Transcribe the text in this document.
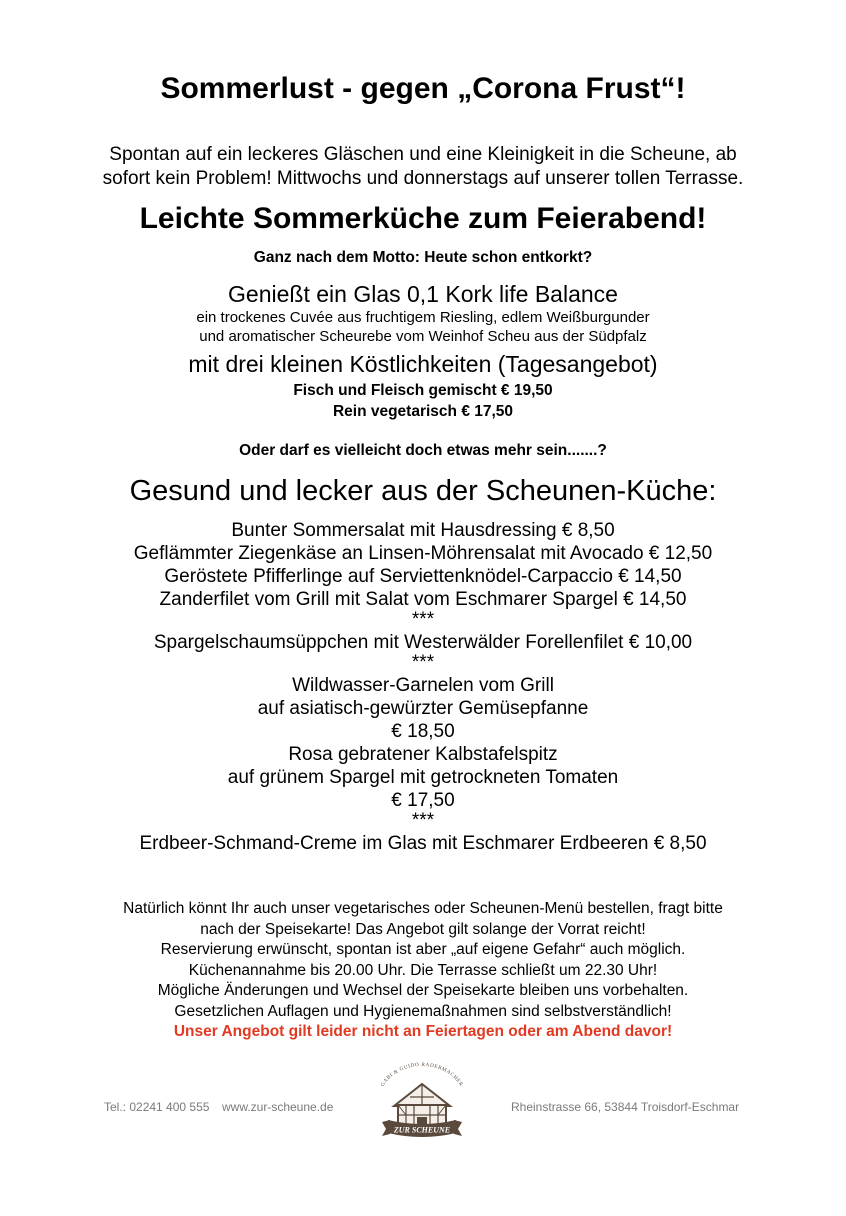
Sommerlust - gegen „Corona Frust“!
Spontan auf ein leckeres Gläschen und eine Kleinigkeit in die Scheune, ab
sofort kein Problem! Mittwochs und donnerstags auf unserer tollen Terrasse.
Leichte Sommerküche zum Feierabend!
Ganz nach dem Motto: Heute schon entkorkt?
Genießt ein Glas 0,1 Kork life Balance
ein trockenes Cuvée aus fruchtigem Riesling, edlem Weißburgunder
und aromatischer Scheurebe vom Weinhof Scheu aus der Südpfalz
mit drei kleinen Köstlichkeiten (Tagesangebot)
Fisch und Fleisch gemischt € 19,50
Rein vegetarisch € 17,50
Oder darf es vielleicht doch etwas mehr sein.......?
Gesund und lecker aus der Scheunen-Küche:
Bunter Sommersalat mit Hausdressing € 8,50
Geflämmter Ziegenkäse an Linsen-Möhrensalat mit Avocado € 12,50
Geröstete Pfifferlinge auf Serviettenknödel-Carpaccio € 14,50
Zanderfilet vom Grill mit Salat vom Eschmarer Spargel € 14,50
***
Spargelschaumsüppchen mit Westerwälder Forellenfilet € 10,00
***
Wildwasser-Garnelen vom Grill
auf asiatisch-gewürzter Gemüsepfanne
€ 18,50
Rosa gebratener Kalbstafelspitz
auf grünem Spargel mit getrockneten Tomaten
€ 17,50
***
Erdbeer-Schmand-Creme im Glas mit Eschmarer Erdbeeren € 8,50
Natürlich könnt Ihr auch unser vegetarisches oder Scheunen-Menü bestellen, fragt bitte
nach der Speisekarte! Das Angebot gilt solange der Vorrat reicht!
Reservierung erwünscht, spontan ist aber „auf eigene Gefahr“ auch möglich.
Küchenannahme bis 20.00 Uhr. Die Terrasse schließt um 22.30 Uhr!
Mögliche Änderungen und Wechsel der Speisekarte bleiben uns vorbehalten.
Gesetzlichen Auflagen und Hygienemaßnahmen sind selbstverständlich!
Unser Angebot gilt leider nicht an Feiertagen oder am Abend davor!
Tel.: 02241 400 555 www.zur-scheune.de
GABI & GUIDO RADERMACHER
ZUR SCHEUNE
Rheinstrasse 66, 53844 Troisdorf-Eschmar
